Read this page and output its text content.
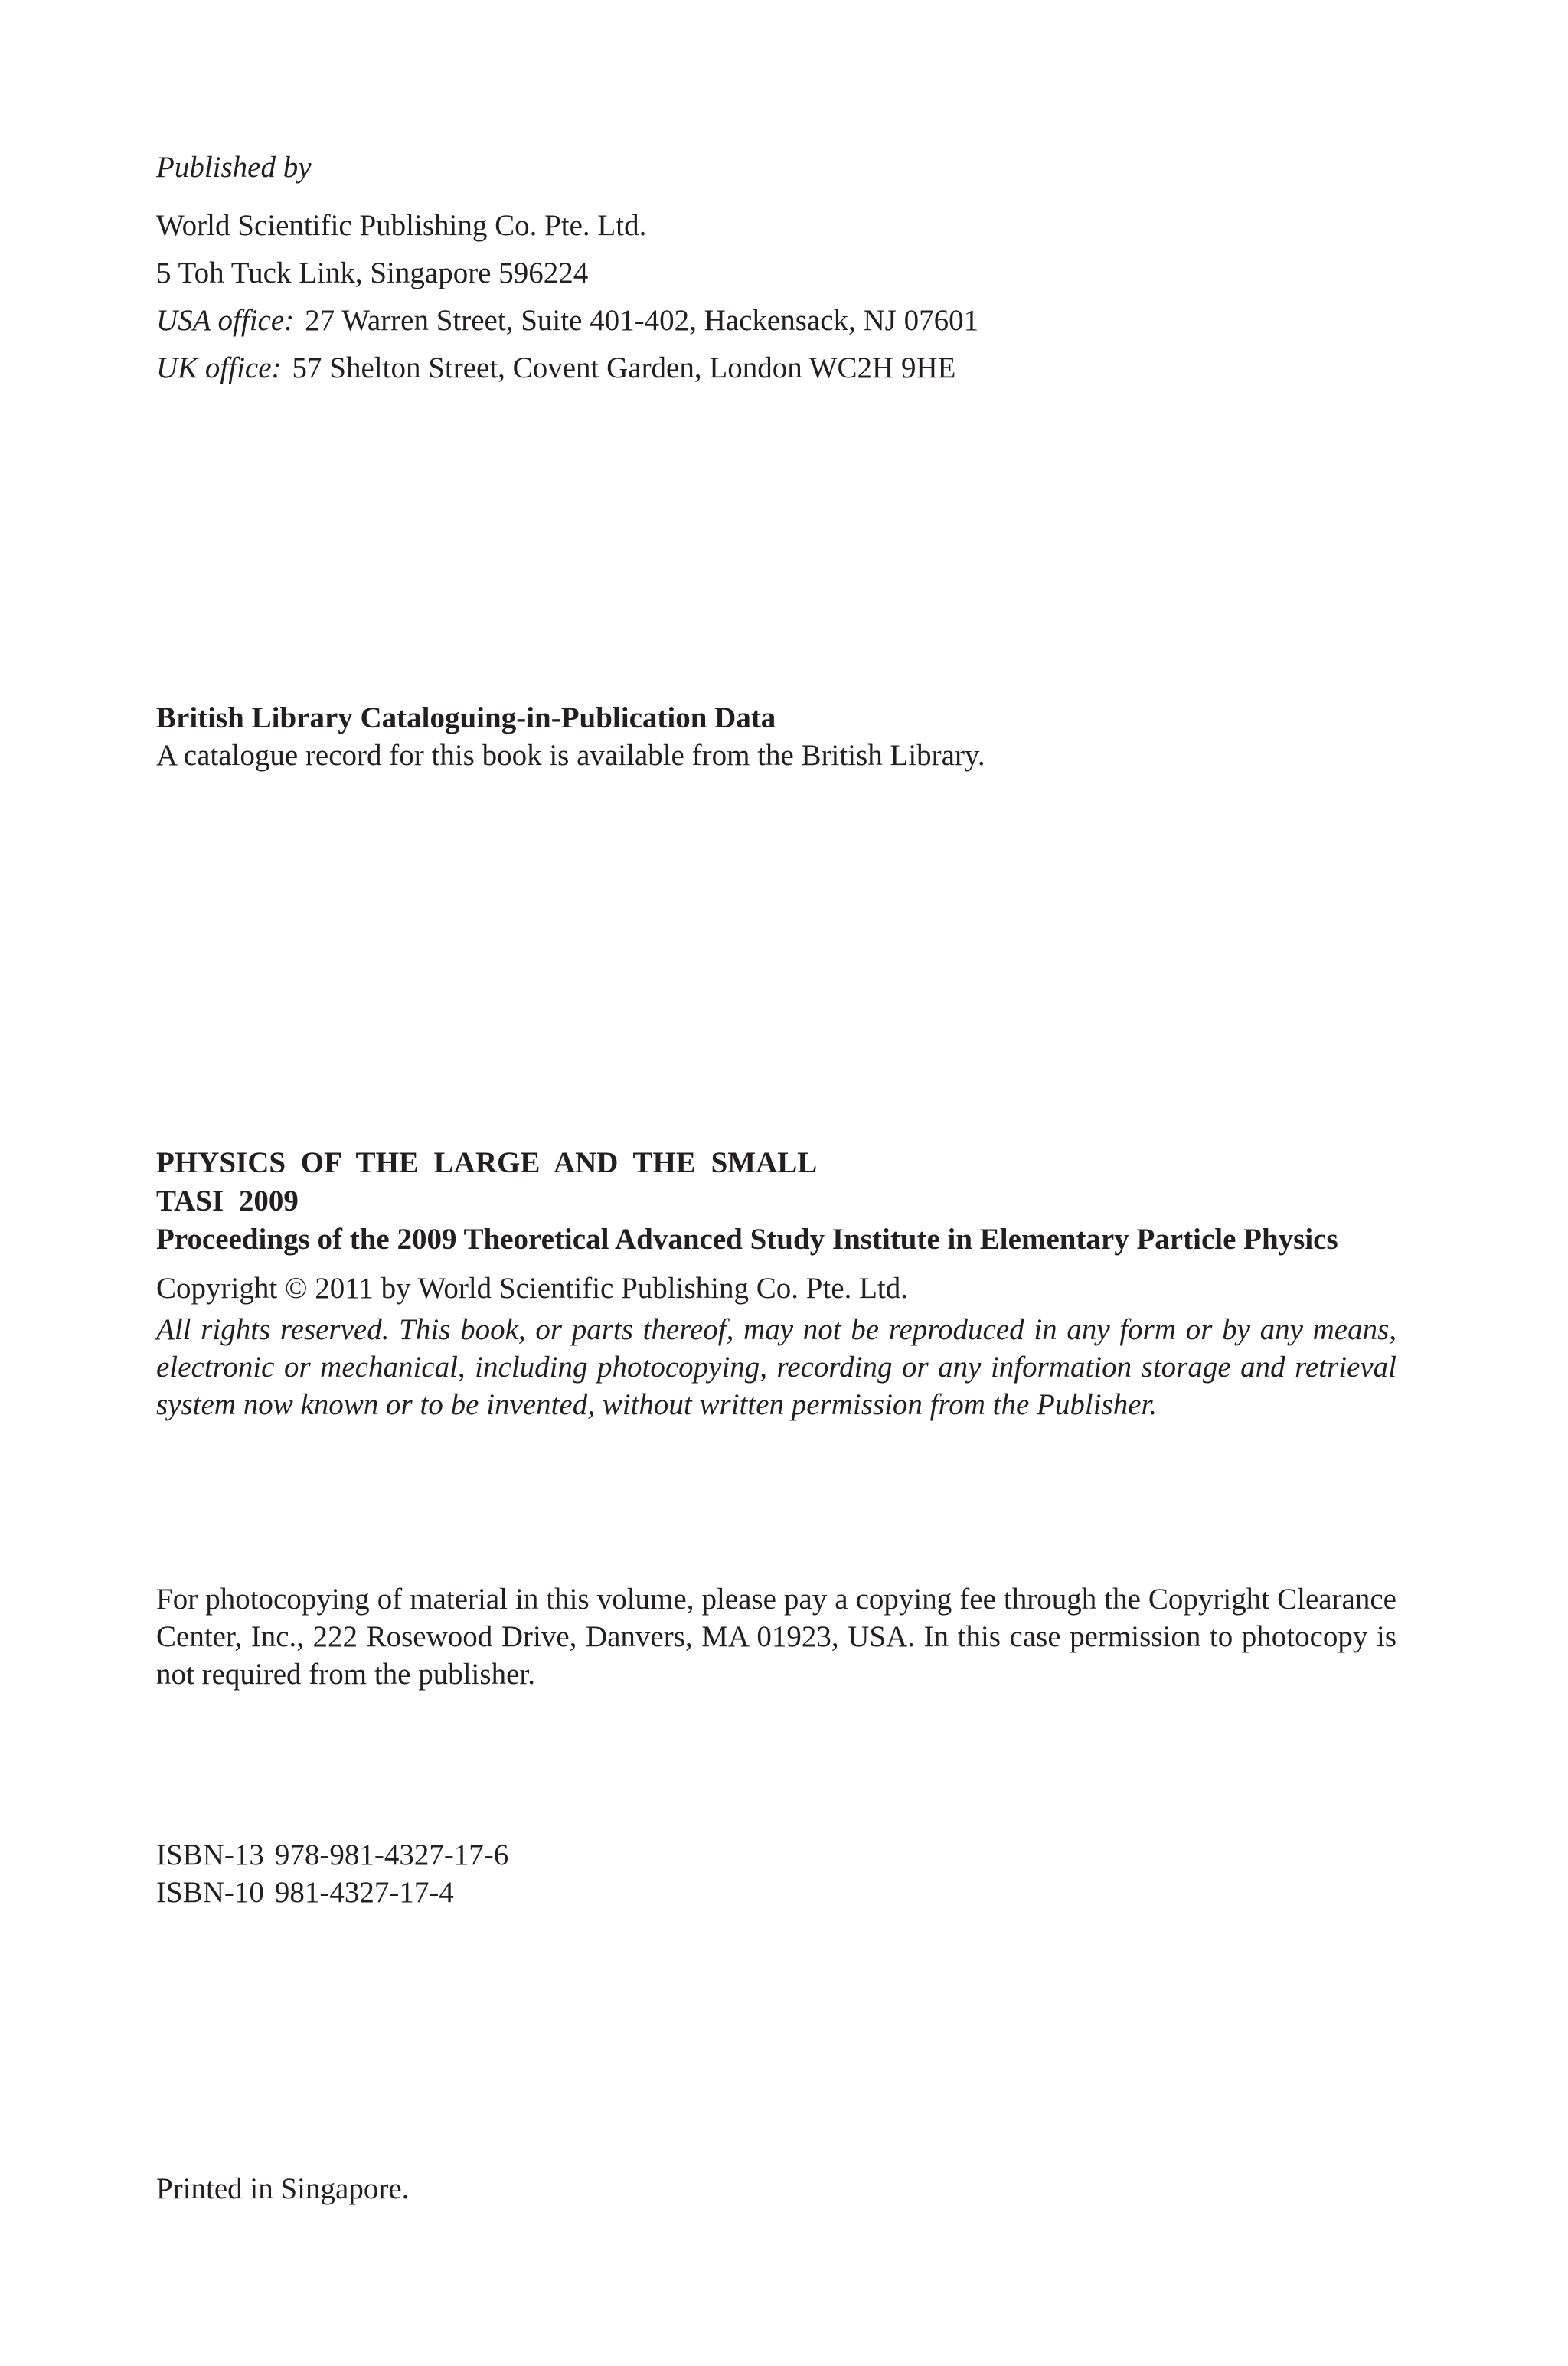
Published by
World Scientific Publishing Co. Pte. Ltd.
5 Toh Tuck Link, Singapore 596224
USA office: 27 Warren Street, Suite 401-402, Hackensack, NJ 07601
UK office: 57 Shelton Street, Covent Garden, London WC2H 9HE
British Library Cataloguing-in-Publication Data
A catalogue record for this book is available from the British Library.
PHYSICS OF THE LARGE AND THE SMALL
TASI 2009
Proceedings of the 2009 Theoretical Advanced Study Institute in Elementary Particle Physics
Copyright © 2011 by World Scientific Publishing Co. Pte. Ltd.
All rights reserved. This book, or parts thereof, may not be reproduced in any form or by any means, electronic or mechanical, including photocopying, recording or any information storage and retrieval system now known or to be invented, without written permission from the Publisher.
For photocopying of material in this volume, please pay a copying fee through the Copyright Clearance Center, Inc., 222 Rosewood Drive, Danvers, MA 01923, USA. In this case permission to photocopy is not required from the publisher.
ISBN-13 978-981-4327-17-6
ISBN-10 981-4327-17-4
Printed in Singapore.
